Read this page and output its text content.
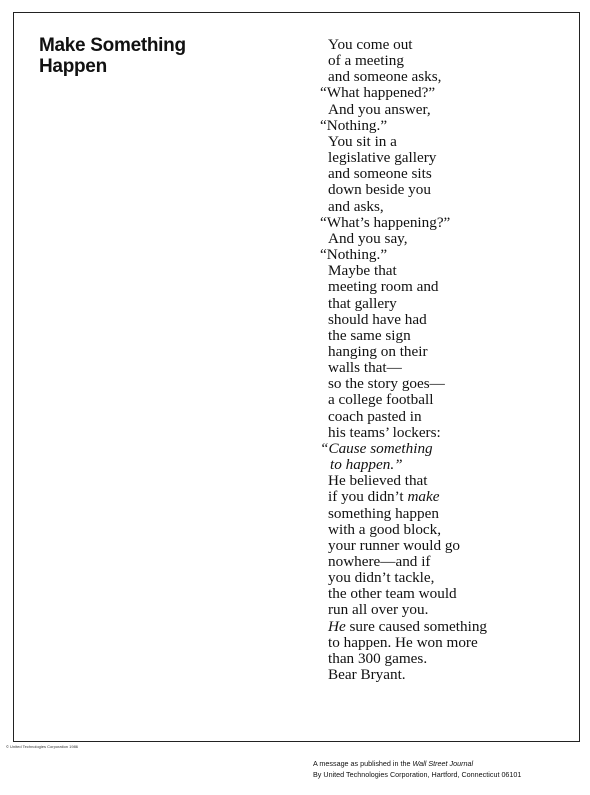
Make Something
Happen
You come out
of a meeting
and someone asks,
“What happened?”
And you answer,
“Nothing.”
You sit in a
legislative gallery
and someone sits
down beside you
and asks,
“What’s happening?”
And you say,
“Nothing.”
Maybe that
meeting room and
that gallery
should have had
the same sign
hanging on their
walls that—
so the story goes—
a college football
coach pasted in
his teams’ lockers:
“Cause something
to happen.”
He believed that
if you didn’t make
something happen
with a good block,
your runner would go
nowhere—and if
you didn’t tackle,
the other team would
run all over you.
He sure caused something
to happen. He won more
than 300 games.
Bear Bryant.
© United Technologies Corporation 1986
A message as published in the Wall Street Journal
By United Technologies Corporation, Hartford, Connecticut 06101
